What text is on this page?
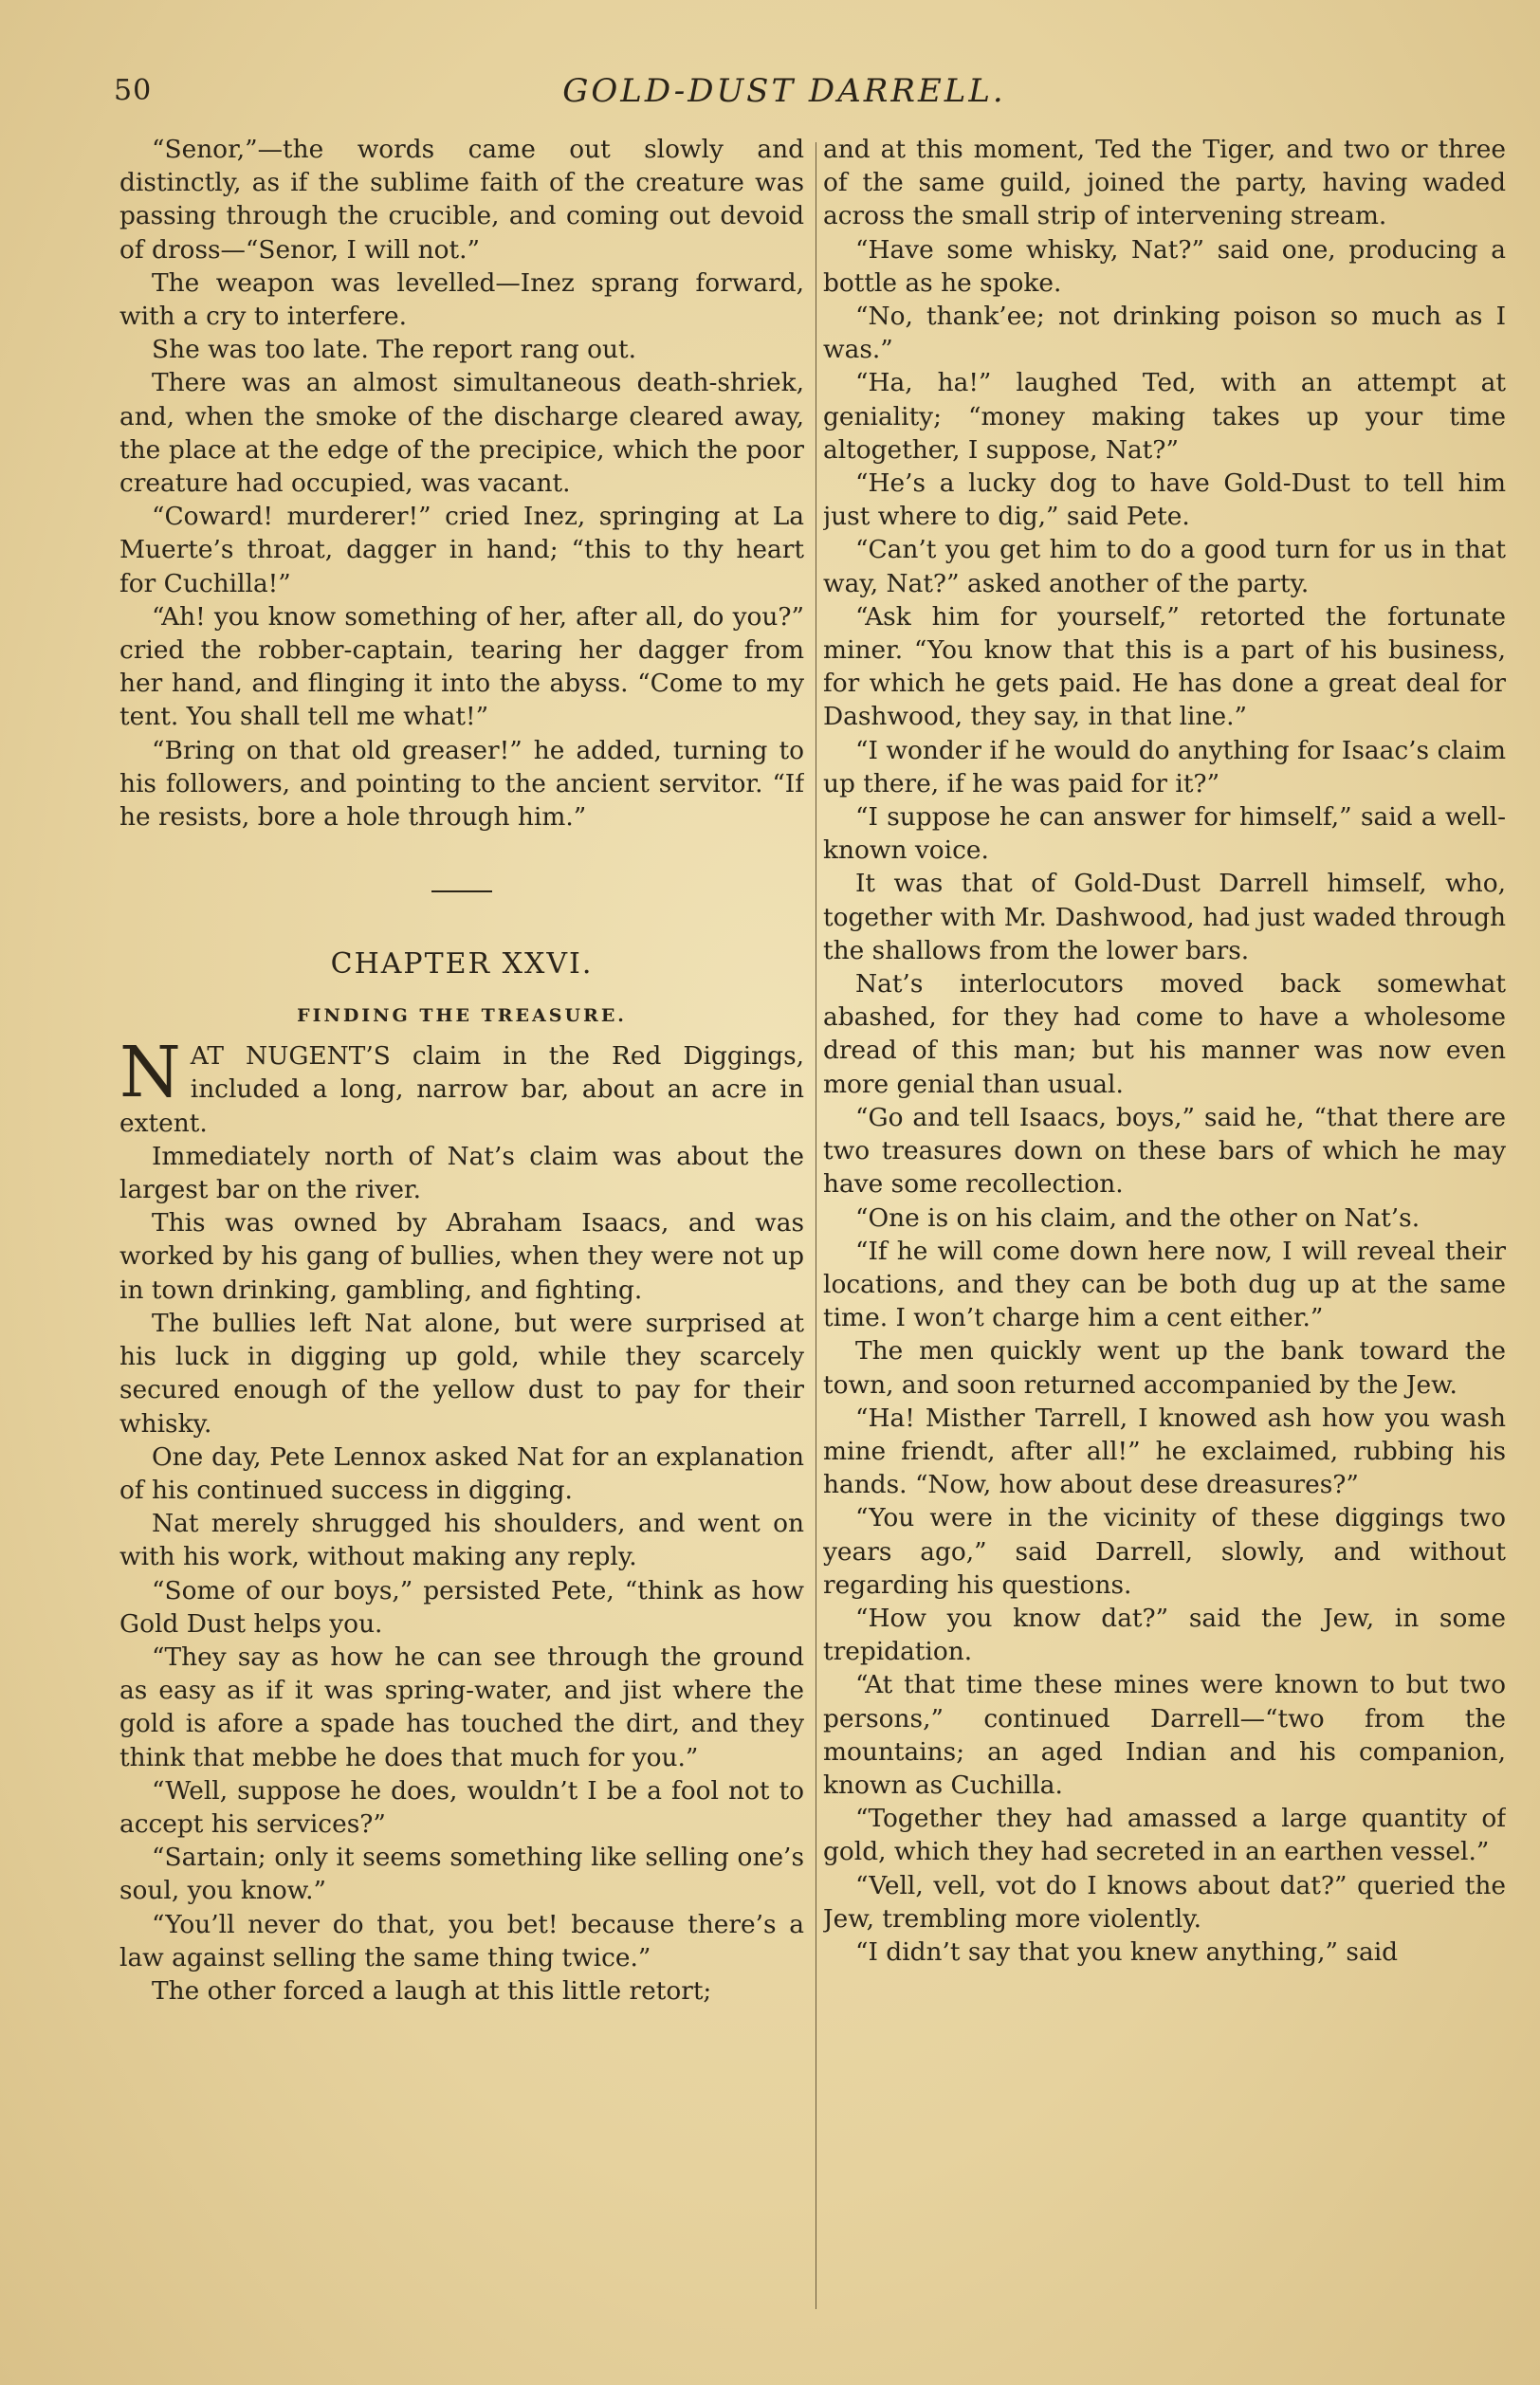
50	GOLD-DUST DARRELL.

“Senor,”—the words came out slowly and distinctly, as if the sublime faith of the creature was passing through the crucible, and coming out devoid of dross—“Senor, I will not.”

The weapon was levelled—Inez sprang forward, with a cry to interfere.

She was too late. The report rang out.

There was an almost simultaneous death-shriek, and, when the smoke of the discharge cleared away, the place at the edge of the precipice, which the poor creature had occupied, was vacant.

“Coward! murderer!” cried Inez, springing at La Muerte’s throat, dagger in hand; “this to thy heart for Cuchilla!”

“Ah! you know something of her, after all, do you?” cried the robber-captain, tearing her dagger from her hand, and flinging it into the abyss. “Come to my tent. You shall tell me what!”

“Bring on that old greaser!” he added, turning to his followers, and pointing to the ancient servitor. “If he resists, bore a hole through him.”

CHAPTER XXVI.
FINDING THE TREASURE.

NAT NUGENT’S claim in the Red Diggings, included a long, narrow bar, about an acre in extent.

Immediately north of Nat’s claim was about the largest bar on the river.

This was owned by Abraham Isaacs, and was worked by his gang of bullies, when they were not up in town drinking, gambling, and fighting.

The bullies left Nat alone, but were surprised at his luck in digging up gold, while they scarcely secured enough of the yellow dust to pay for their whisky.

One day, Pete Lennox asked Nat for an explanation of his continued success in digging.

Nat merely shrugged his shoulders, and went on with his work, without making any reply.

“Some of our boys,” persisted Pete, “think as how Gold Dust helps you.

“They say as how he can see through the ground as easy as if it was spring-water, and jist where the gold is afore a spade has touched the dirt, and they think that mebbe he does that much for you.”

“Well, suppose he does, wouldn’t I be a fool not to accept his services?”

“Sartain; only it seems something like selling one’s soul, you know.”

“You’ll never do that, you bet! because there’s a law against selling the same thing twice.”

The other forced a laugh at this little retort;

and at this moment, Ted the Tiger, and two or three of the same guild, joined the party, having waded across the small strip of intervening stream.

“Have some whisky, Nat?” said one, producing a bottle as he spoke.

“No, thank’ee; not drinking poison so much as I was.”

“Ha, ha!” laughed Ted, with an attempt at geniality; “money making takes up your time altogether, I suppose, Nat?”

“He’s a lucky dog to have Gold-Dust to tell him just where to dig,” said Pete.

“Can’t you get him to do a good turn for us in that way, Nat?” asked another of the party.

“Ask him for yourself,” retorted the fortunate miner. “You know that this is a part of his business, for which he gets paid. He has done a great deal for Dashwood, they say, in that line.”

“I wonder if he would do anything for Isaac’s claim up there, if he was paid for it?”

“I suppose he can answer for himself,” said a well-known voice.

It was that of Gold-Dust Darrell himself, who, together with Mr. Dashwood, had just waded through the shallows from the lower bars.

Nat’s interlocutors moved back somewhat abashed, for they had come to have a wholesome dread of this man; but his manner was now even more genial than usual.

“Go and tell Isaacs, boys,” said he, “that there are two treasures down on these bars of which he may have some recollection.

“One is on his claim, and the other on Nat’s.

“If he will come down here now, I will reveal their locations, and they can be both dug up at the same time. I won’t charge him a cent either.”

The men quickly went up the bank toward the town, and soon returned accompanied by the Jew.

“Ha! Misther Tarrell, I knowed ash how you wash mine friendt, after all!” he exclaimed, rubbing his hands. “Now, how about dese dreasures?”

“You were in the vicinity of these diggings two years ago,” said Darrell, slowly, and without regarding his questions.

“How you know dat?” said the Jew, in some trepidation.

“At that time these mines were known to but two persons,” continued Darrell—“two from the mountains; an aged Indian and his companion, known as Cuchilla.

“Together they had amassed a large quantity of gold, which they had secreted in an earthen vessel.”

“Vell, vell, vot do I knows about dat?” queried the Jew, trembling more violently.

“I didn’t say that you knew anything,” said
